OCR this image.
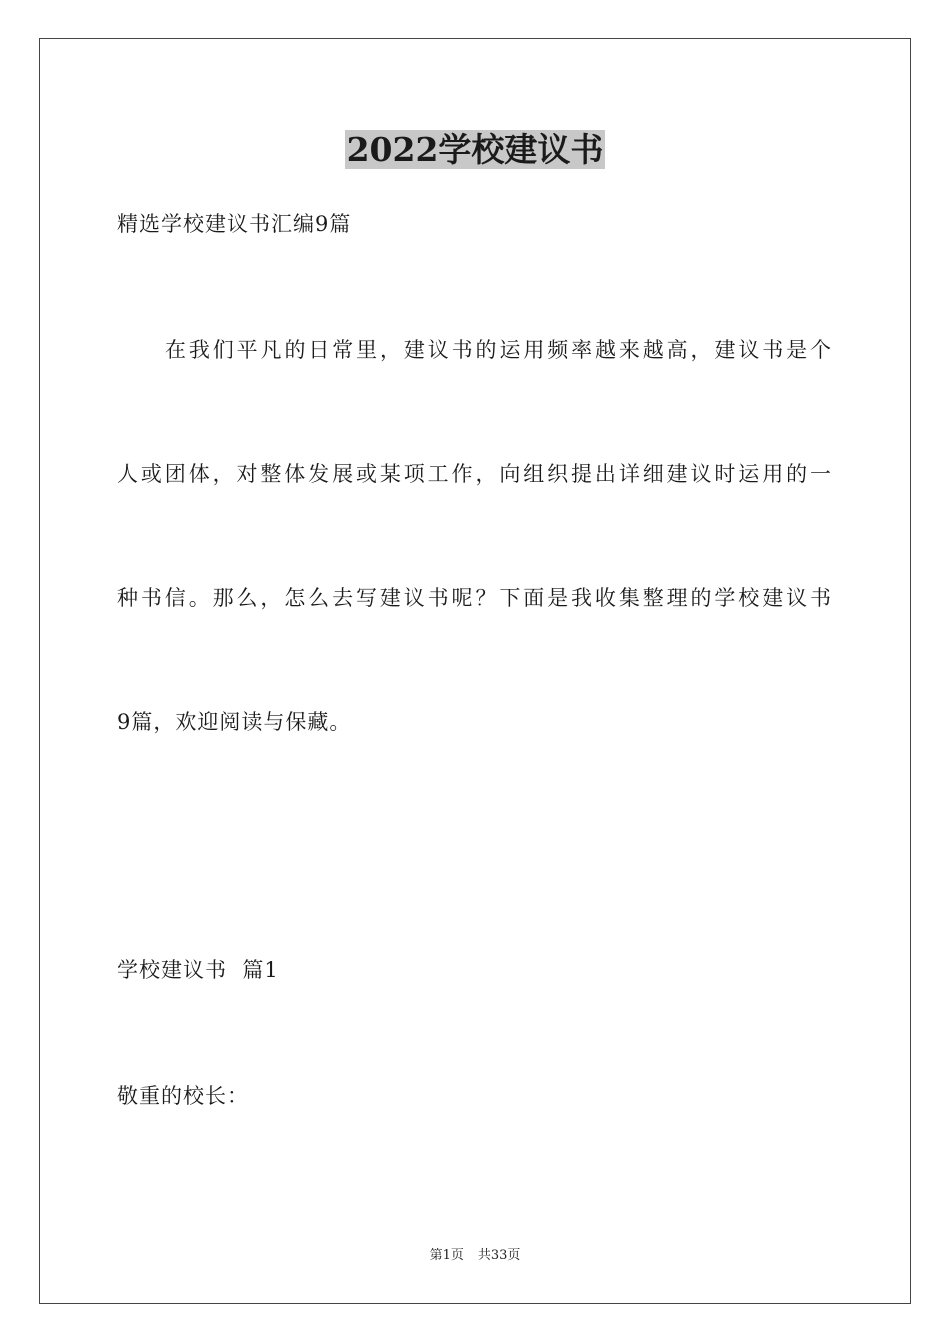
2022学校建议书
精选学校建议书汇编9篇
在我们平凡的日常里，建议书的运用频率越来越高，建议书是个
人或团体，对整体发展或某项工作，向组织提出详细建议时运用的一
种书信。那么，怎么去写建议书呢？下面是我收集整理的学校建议书
9篇，欢迎阅读与保藏。
学校建议书  篇1
敬重的校长：
第1页 共33页
